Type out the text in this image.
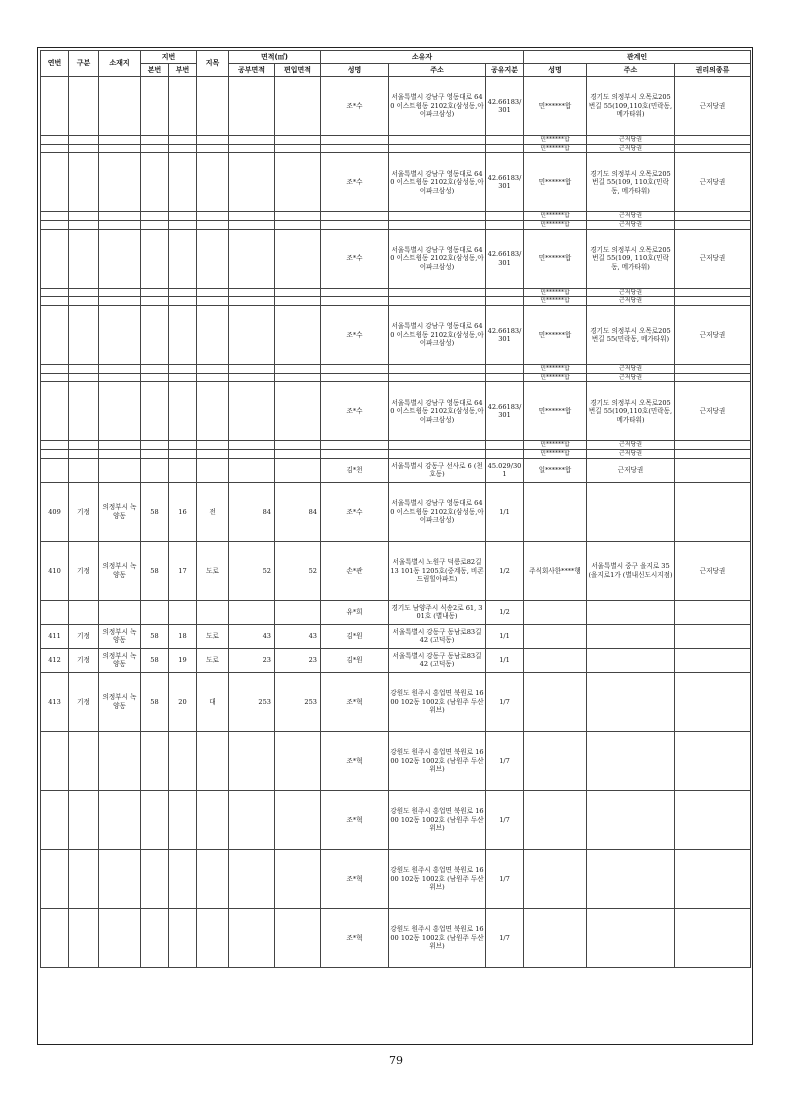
연번	구분	소재지	지번		지목	면적(㎡)		소유자			관계인		
			본번	부번		공부면적	편입면적	성명	주소	공유지분	성명	주소	권리의종류
								조*수	서울특별시 강남구 영동대로 640 이스트윙동 2102호(삼성동,아이파크삼성)	42.66183/301	민******합	경기도 의정부시 오목로205번길 55(109,110호(민락동, 메가타워)	근저당권
											민******합	근저당권	
											민******합	근저당권	
								조*수	서울특별시 강남구 영동대로 640 이스트윙동 2102호(삼성동,아이파크삼성)	42.66183/301	민******합	경기도 의정부시 오목로205번길 55(109, 110호(민락동, 메가타워)	근저당권
											민******합	근저당권	
											민******합	근저당권	
								조*수	서울특별시 강남구 영동대로 640 이스트윙동 2102호(삼성동,아이파크삼성)	42.66183/301	민******합	경기도 의정부시 오목로205번길 55(109, 110호(민락동, 메가타워)	근저당권
											민******합	근저당권	
											민******합	근저당권	
								조*수	서울특별시 강남구 영동대로 640 이스트윙동 2102호(삼성동,아이파크삼성)	42.66183/301	민******합	경기도 의정부시 오목로205번길 55(민락동, 메가타워)	근저당권
											민******합	근저당권	
											민******합	근저당권	
								조*수	서울특별시 강남구 영동대로 640 이스트윙동 2102호(삼성동,아이파크삼성)	42.66183/301	민******합	경기도 의정부시 오목로205번길 55(109,110호(민락동, 메가타워)	근저당권
											민******합	근저당권	
											민******합	근저당권	
								김*천	서울특별시 강동구 선사로 6 (천호동)	45.029/301	일******합	근저당권	
409	기정	의정부시 녹양동	58	16	전	84	84	조*수	서울특별시 강남구 영동대로 640 이스트윙동 2102호(삼성동,아이파크삼성)	1/1			
410	기정	의정부시 녹양동	58	17	도로	52	52	손*관	서울특별시 노원구 덕릉로82길 13 101동 1205호(중계동, 비콘드림힐아파트)	1/2	주식회사한****행	서울특별시 중구 을지로 35 (을지로1가 (별내신도시지점)	근저당권
								유*희	경기도 남양주시 식송2로 61, 301호 (별내동)	1/2			
411	기정	의정부시 녹양동	58	18	도로	43	43	김*원	서울특별시 강동구 동남로83길 42 (고덕동)	1/1			
412	기정	의정부시 녹양동	58	19	도로	23	23	김*원	서울특별시 강동구 동남로83길 42 (고덕동)	1/1			
413	기정	의정부시 녹양동	58	20	대	253	253	조*혁	강원도 원주시 흥업면 북원로 1600 102동 1002호 (남원주 두산위브)	1/7			
								조*혁	강원도 원주시 흥업면 북원로 1600 102동 1002호 (남원주 두산위브)	1/7			
								조*혁	강원도 원주시 흥업면 북원로 1600 102동 1002호 (남원주 두산위브)	1/7			
								조*혁	강원도 원주시 흥업면 북원로 1600 102동 1002호 (남원주 두산위브)	1/7			
								조*혁	강원도 원주시 흥업면 북원로 1600 102동 1002호 (남원주 두산위브)	1/7			
79
